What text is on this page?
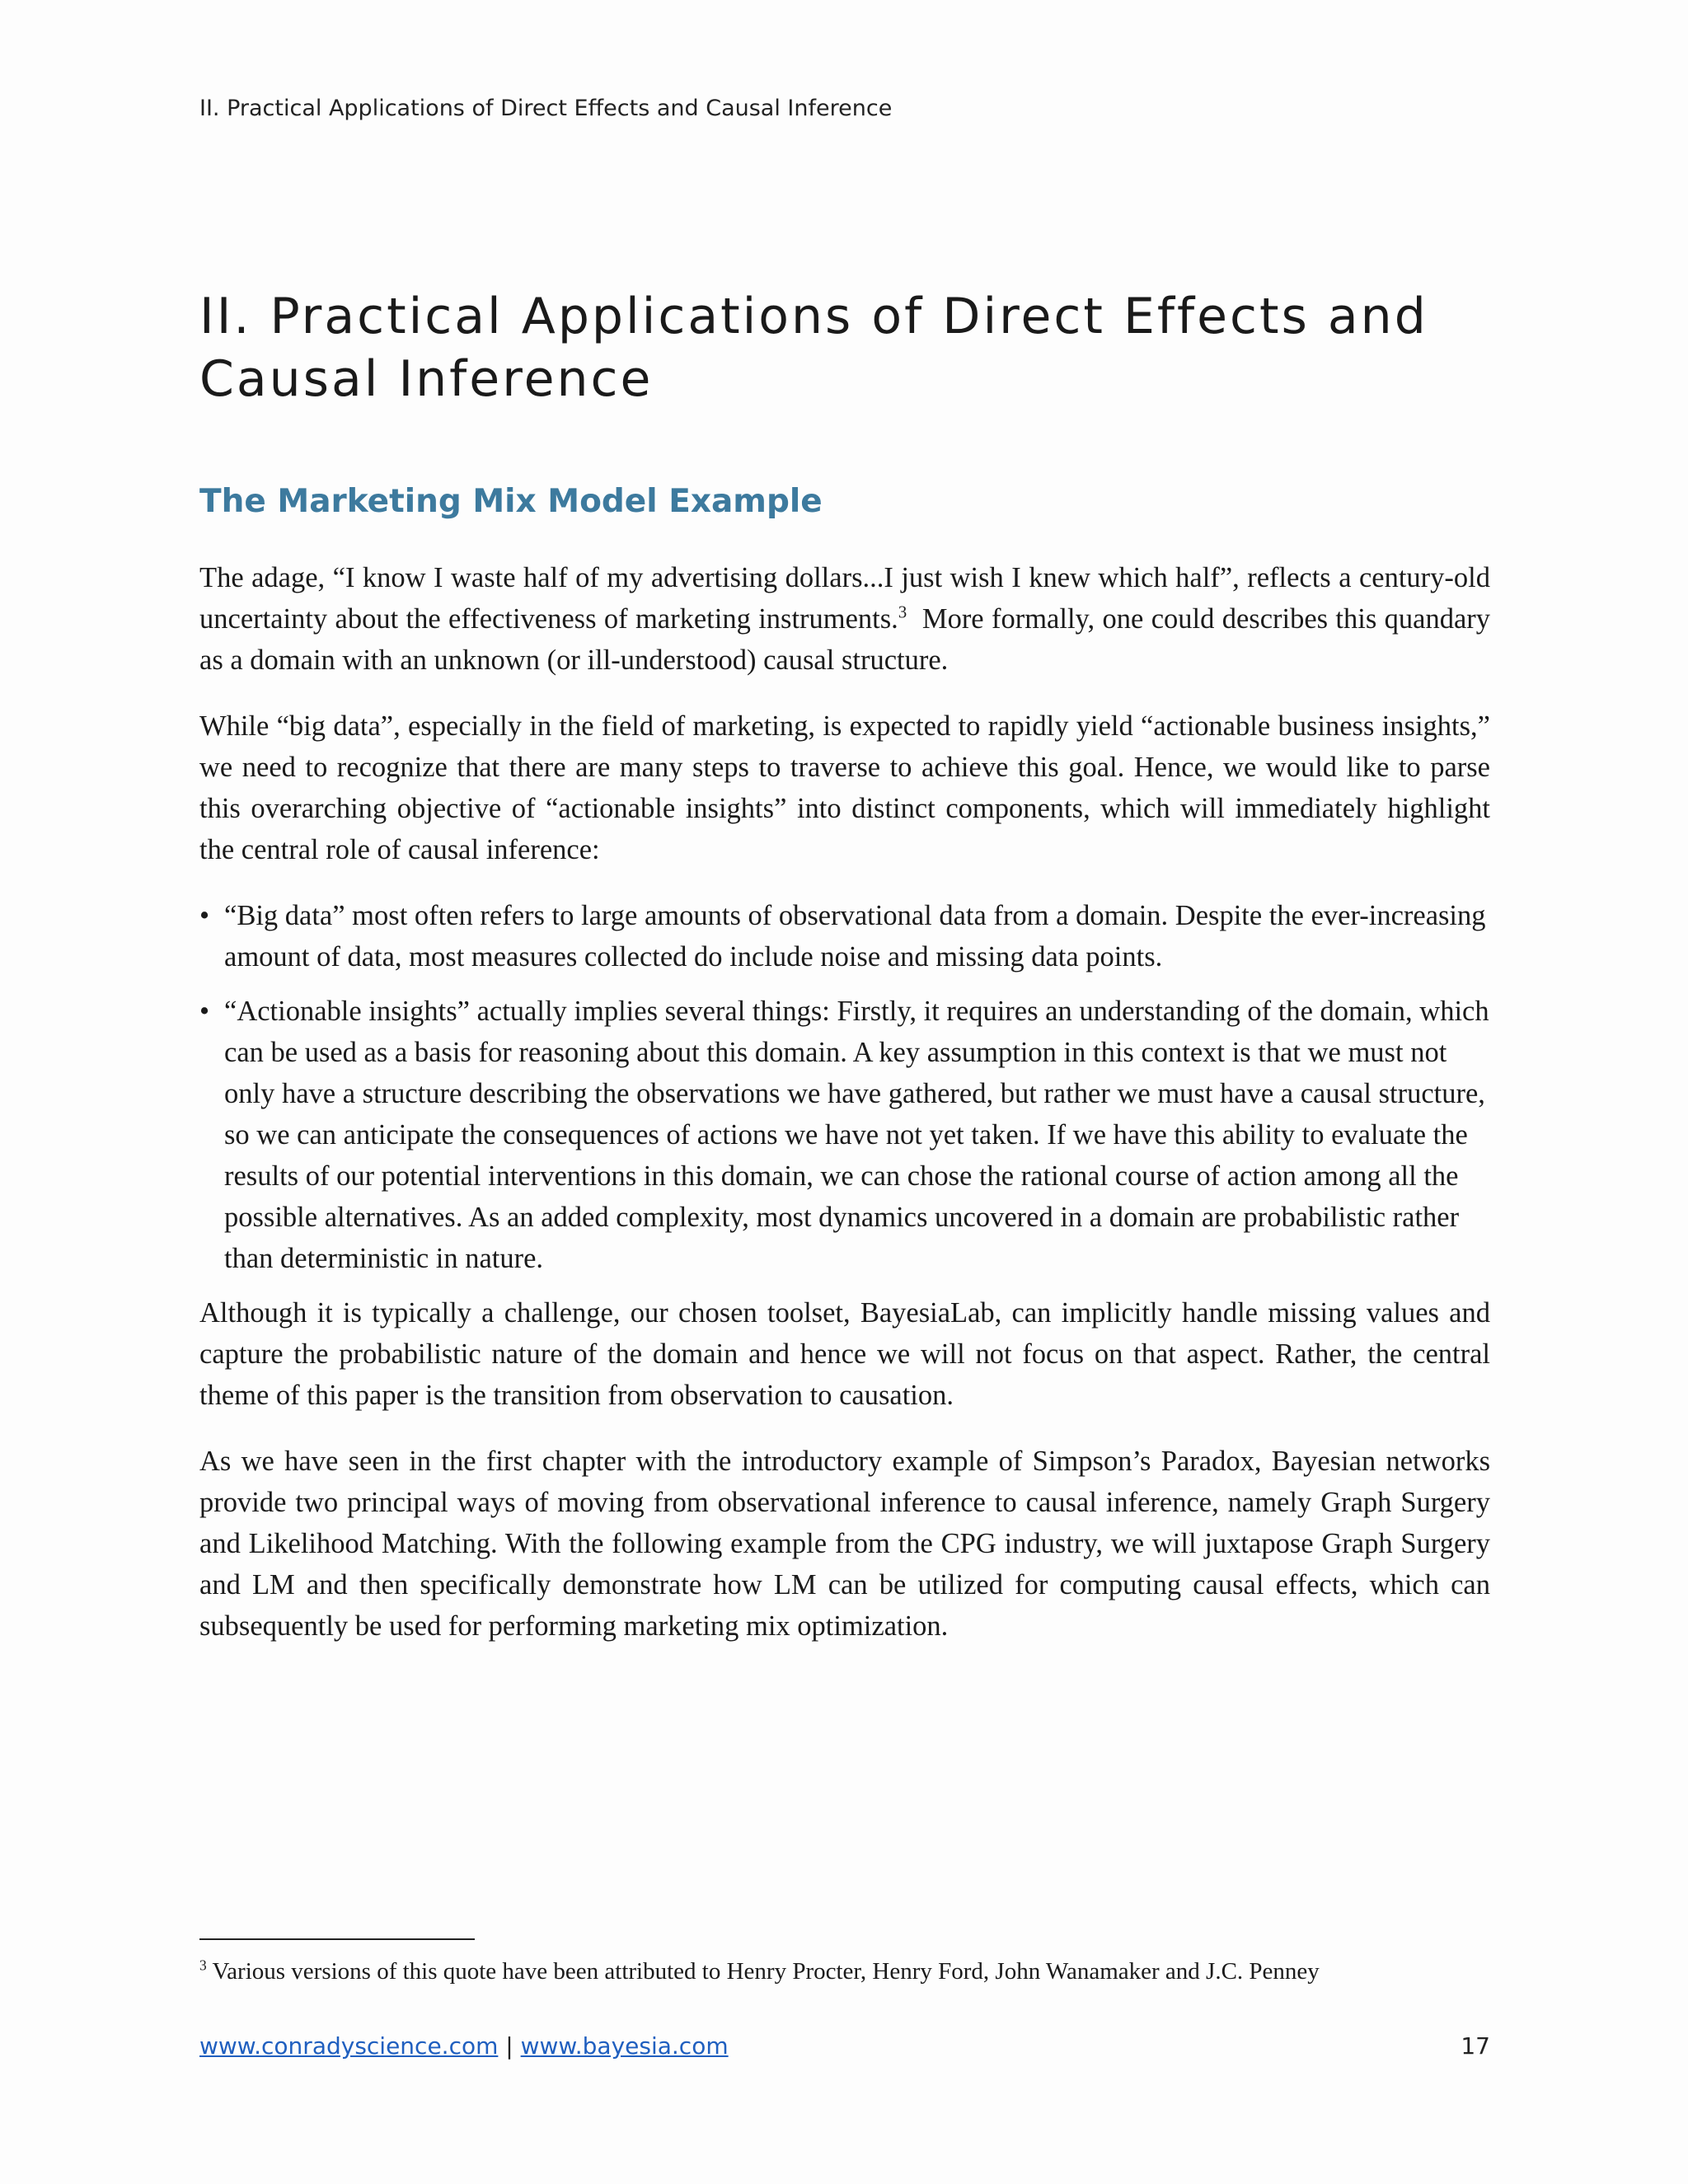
II. Practical Applications of Direct Effects and Causal Inference
II. Practical Applications of Direct Effects and Causal Inference
The Marketing Mix Model Example

The adage, “I know I waste half of my advertising dollars...I just wish I knew which half”, reflects a century-old uncertainty about the effectiveness of marketing instruments.$^3$ More formally, one could describes this quandary as a domain with an unknown (or ill-understood) causal structure.

While “big data”, especially in the field of marketing, is expected to rapidly yield “actionable business insights,” we need to recognize that there are many steps to traverse to achieve this goal. Hence, we would like to parse this overarching objective of “actionable insights” into distinct components, which will immediately highlight the central role of causal inference:

• “Big data” most often refers to large amounts of observational data from a domain. Despite the ever-increasing amount of data, most measures collected do include noise and missing data points.
• “Actionable insights” actually implies several things: Firstly, it requires an understanding of the domain, which can be used as a basis for reasoning about this domain. A key assumption in this context is that we must not only have a structure describing the observations we have gathered, but rather we must have a causal structure, so we can anticipate the consequences of actions we have not yet taken. If we have this ability to evaluate the results of our potential interventions in this domain, we can chose the rational course of action among all the possible alternatives. As an added complexity, most dynamics uncovered in a domain are probabilistic rather than deterministic in nature.

Although it is typically a challenge, our chosen toolset, BayesiaLab, can implicitly handle missing values and capture the probabilistic nature of the domain and hence we will not focus on that aspect. Rather, the central theme of this paper is the transition from observation to causation.

As we have seen in the first chapter with the introductory example of Simpson’s Paradox, Bayesian networks provide two principal ways of moving from observational inference to causal inference, namely Graph Surgery and Likelihood Matching. With the following example from the CPG industry, we will juxtapose Graph Surgery and LM and then specifically demonstrate how LM can be utilized for computing causal effects, which can subsequently be used for performing marketing mix optimization.

$^3$ Various versions of this quote have been attributed to Henry Procter, Henry Ford, John Wanamaker and J.C. Penney
www.conradyscience.com | www.bayesia.com	17
